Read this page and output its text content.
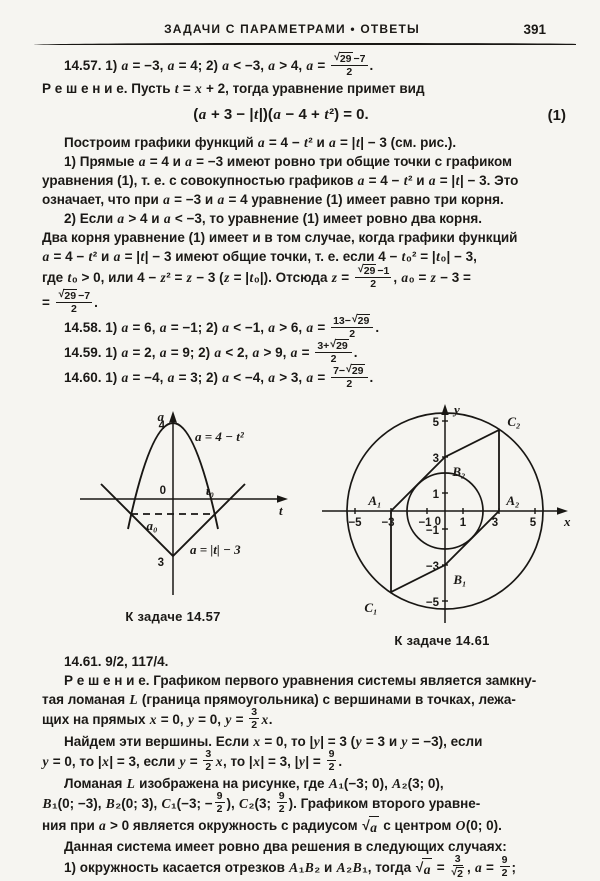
ЗАДАЧИ С ПАРАМЕТРАМИ • ОТВЕТЫ	391
14.57. 1) a = −3, a = 4; 2) a < −3, a > 4, $a = \frac{√ 29 -7}{2}$ .
Р е ш е н и е. Пусть t = x + 2, тогда уравнение примет вид
(a + 3 − |t|)(a − 4 + t²) = 0.	(1)
Построим графики функций a = 4 − t² и a = |t| − 3 (см. рис.).
1) Прямые a = 4 и a = −3 имеют ровно три общие точки с графиком
уравнения (1), т. е. с совокупностью графиков a = 4 − t² и a = |t| − 3. Это
означает, что при a = −3 и a = 4 уравнение (1) имеет равно три корня.
2) Если a > 4 и a < −3, то уравнение (1) имеет ровно два корня.
Два корня уравнение (1) имеет и в том случае, когда графики функций
a = 4 − t² и a = |t| − 3 имеют общие точки, т. е. если 4 − t₀² = |t₀| − 3,
где t₀ > 0, или 4 − z² = z − 3 (z = |t₀|). Отсюда $z = \frac{√ 29 -1}{2}$ , a₀ = z − 3 =
= $\frac{√ 29 -7}{2}$ .
14.58. 1) a = 6, a = −1; 2) a < −1, a > 6, $a = \frac{13- √ 29}{2}$ .
14.59. 1) a = 2, a = 9; 2) a < 2, a > 9, $a = \frac{3+ √ 29}{2}$ .
14.60. 1) a = −4, a = 3; 2) a < −4, a > 3, $a = \frac{7- √ 29}{2}$ .
a
4
a = 4 − t²
0	t₀
t
a₀
a = |t| − 3
3
К задаче 14.57
y
x
−5 −3 −1 0 1 3	5
5
3
1
−1
−3
−5
A₁	A₂
B₂
B₁
C₂
C₁
К задаче 14.61
14.61. 9/2, 117/4.
Р е ш е н и е. Графиком первого уравнения системы является замкну-
тая ломаная L (граница прямоугольника) с вершинами в точках, лежа-
щих на прямых x = 0, y = 0, $y = \frac{3}{2} x$.
Найдем эти вершины. Если x = 0, то |y| = 3 (y = 3 и y = −3), если
y = 0, то |x| = 3, если $y = \frac{3}{2} x$, то |x| = 3, $|y| = \frac{9}{2}$ .
Ломаная L изображена на рисунке, где A₁(−3; 0), A₂(3; 0),
B₁(0; −3), B₂(0; 3), C₁(−3; − $\frac{9}{2}$ ), C₂(3; $\frac{9}{2}$ ). Графиком второго уравне-
ния при a > 0 является окружность с радиусом √ a с центром O(0; 0).
Данная система имеет ровно два решения в следующих случаях:
1) окружность касается отрезков A₁B₂ и A₂B₁, тогда √ $a = \frac{3}{√ 2}$ , $a = \frac{9}{2}$ ;
